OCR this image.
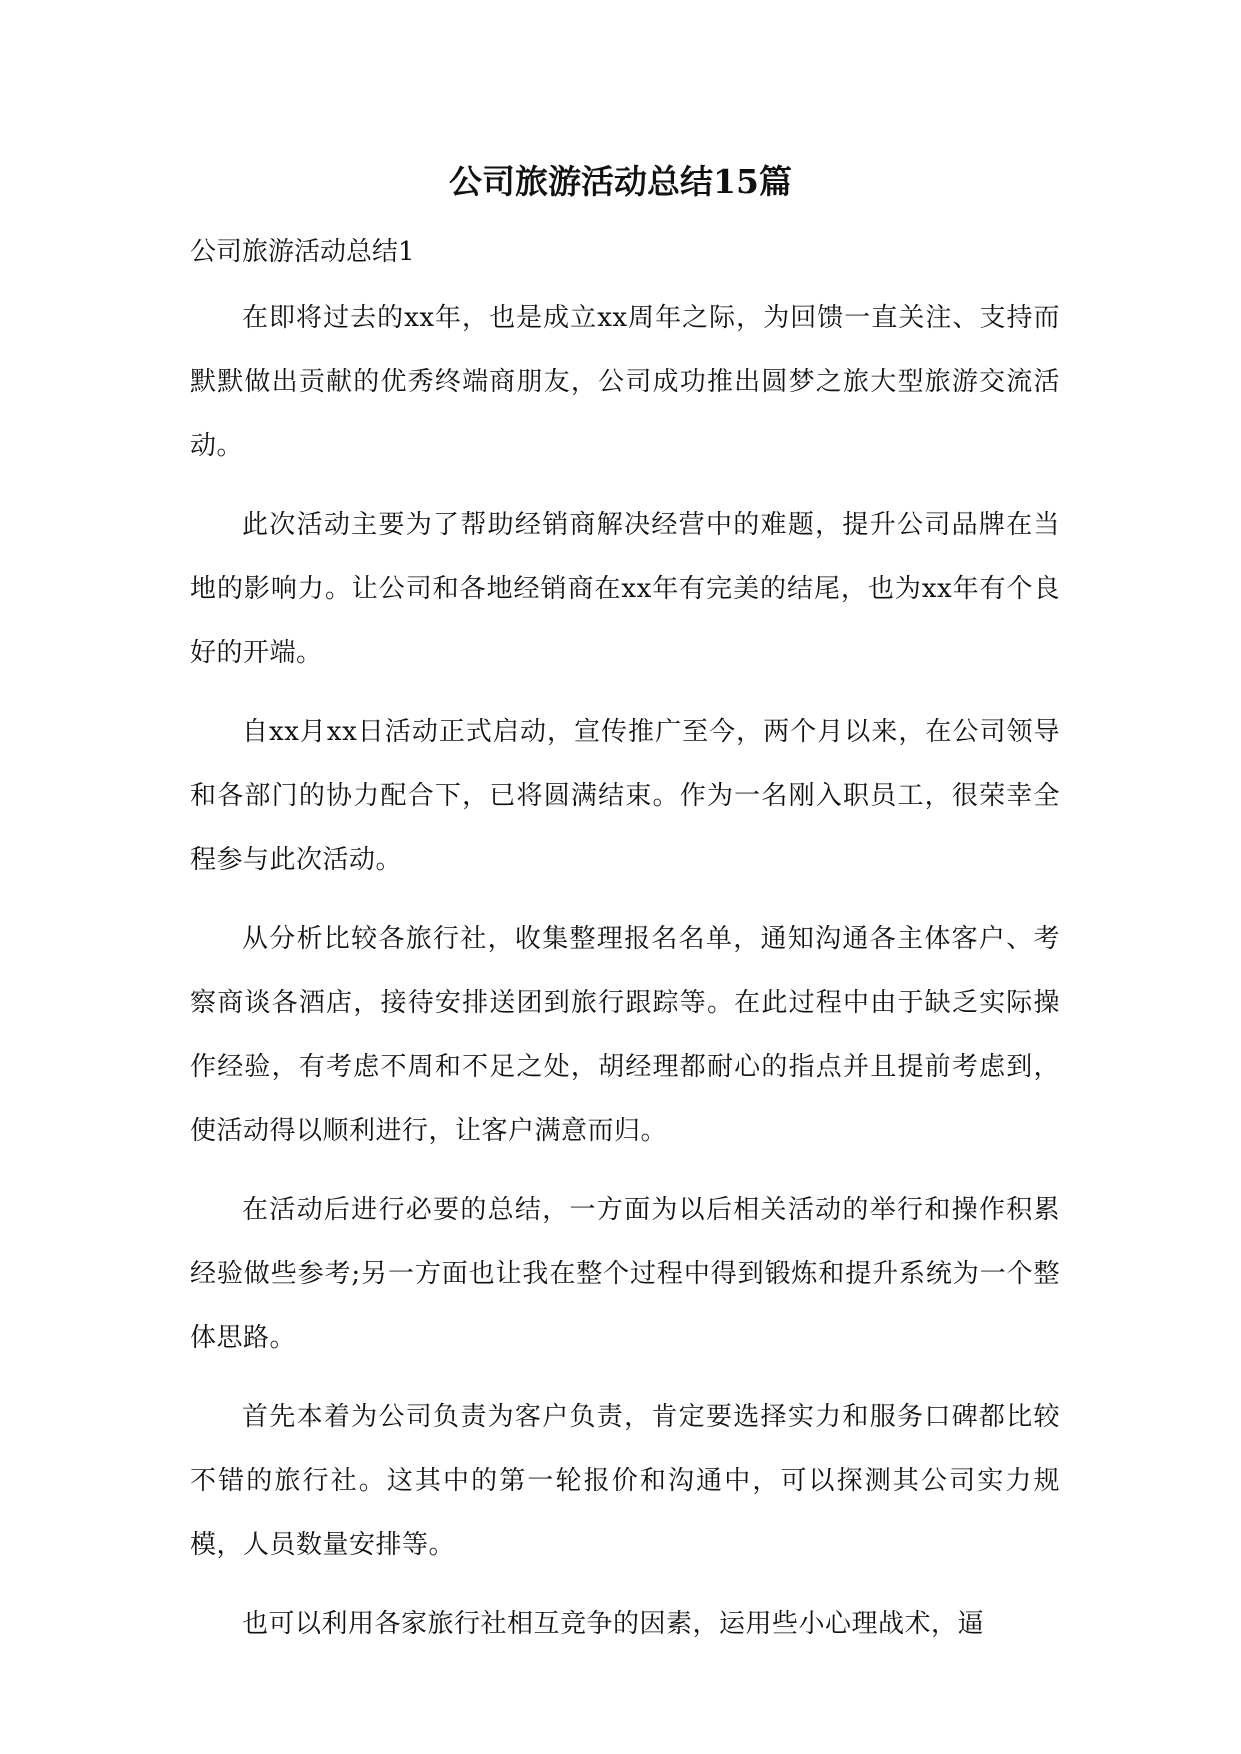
公司旅游活动总结15篇

公司旅游活动总结1

在即将过去的xx年，也是成立xx周年之际，为回馈一直关注、支持而默默做出贡献的优秀终端商朋友，公司成功推出圆梦之旅大型旅游交流活动。

此次活动主要为了帮助经销商解决经营中的难题，提升公司品牌在当地的影响力。让公司和各地经销商在xx年有完美的结尾，也为xx年有个良好的开端。

自xx月xx日活动正式启动，宣传推广至今，两个月以来，在公司领导和各部门的协力配合下，已将圆满结束。作为一名刚入职员工，很荣幸全程参与此次活动。

从分析比较各旅行社，收集整理报名名单，通知沟通各主体客户、考察商谈各酒店，接待安排送团到旅行跟踪等。在此过程中由于缺乏实际操作经验，有考虑不周和不足之处，胡经理都耐心的指点并且提前考虑到，使活动得以顺利进行，让客户满意而归。

在活动后进行必要的总结，一方面为以后相关活动的举行和操作积累经验做些参考;另一方面也让我在整个过程中得到锻炼和提升系统为一个整体思路。

首先本着为公司负责为客户负责，肯定要选择实力和服务口碑都比较不错的旅行社。这其中的第一轮报价和沟通中，可以探测其公司实力规模，人员数量安排等。

也可以利用各家旅行社相互竞争的因素，运用些小心理战术，逼
